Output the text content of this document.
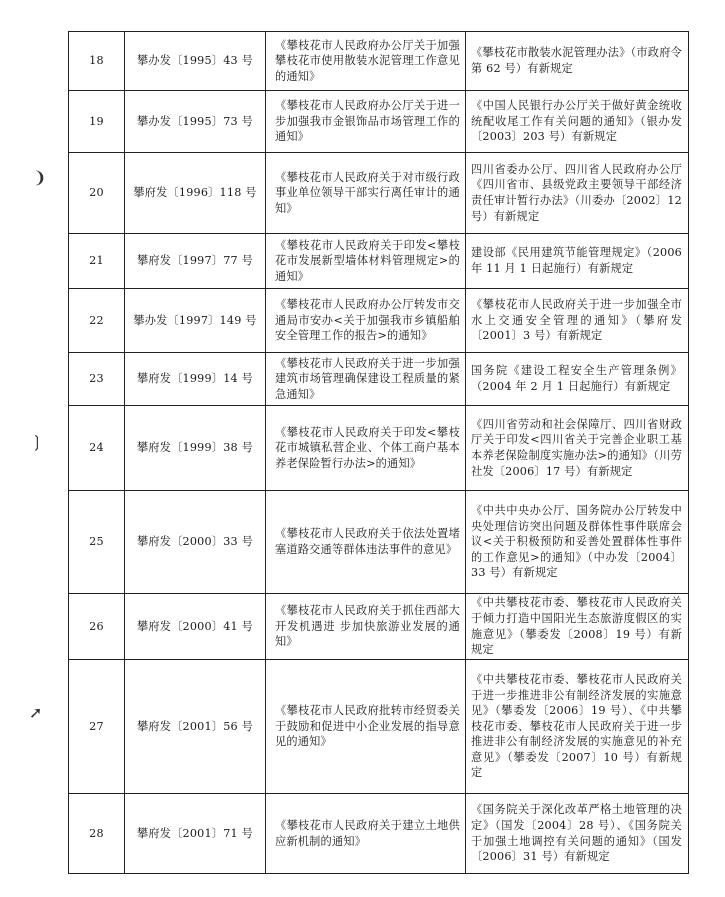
❩
❳
➚
18	攀办发〔1995〕43 号	《攀枝花市人民政府办公厅关于加强攀枝花市使用散装水泥管理工作意见的通知》	《攀枝花市散装水泥管理办法》（市政府令第 62 号）有新规定
19	攀办发〔1995〕73 号	《攀枝花市人民政府办公厅关于进一步加强我市金银饰品市场管理工作的通知》	《中国人民银行办公厅关于做好黄金统收统配收尾工作有关问题的通知》（银办发〔2003〕203 号）有新规定
20	攀府发〔1996〕118 号	《攀枝花市人民政府关于对市级行政事业单位领导干部实行离任审计的通知》	四川省委办公厅、四川省人民政府办公厅《四川省市、县级党政主要领导干部经济责任审计暂行办法》（川委办〔2002〕12 号）有新规定
21	攀府发〔1997〕77 号	《攀枝花市人民政府关于印发<攀枝花市发展新型墙体材料管理规定>的通知》	建设部《民用建筑节能管理规定》（2006 年 11 月 1 日起施行）有新规定
22	攀办发〔1997〕149 号	《攀枝花市人民政府办公厅转发市交通局市安办<关于加强我市乡镇船舶安全管理工作的报告>的通知》	《攀枝花市人民政府关于进一步加强全市水上交通安全管理的通知》（攀府发〔2001〕3 号）有新规定
23	攀府发〔1999〕14 号	《攀枝花市人民政府关于进一步加强建筑市场管理确保建设工程质量的紧急通知》	国务院《建设工程安全生产管理条例》（2004 年 2 月 1 日起施行）有新规定
24	攀府发〔1999〕38 号	《攀枝花市人民政府关于印发<攀枝花市城镇私营企业、个体工商户基本养老保险暂行办法>的通知》	《四川省劳动和社会保障厅、四川省财政厅关于印发<四川省关于完善企业职工基本养老保险制度实施办法>的通知》（川劳社发〔2006〕17 号）有新规定
25	攀府发〔2000〕33 号	《攀枝花市人民政府关于依法处置堵塞道路交通等群体违法事件的意见》	《中共中央办公厅、国务院办公厅转发中央处理信访突出问题及群体性事件联席会议<关于积极预防和妥善处置群体性事件的工作意见>的通知》（中办发〔2004〕33 号）有新规定
26	攀府发〔2000〕41 号	《攀枝花市人民政府关于抓住西部大开发机遇进 步加快旅游业发展的通知》	《中共攀枝花市委、攀枝花市人民政府关于倾力打造中国阳光生态旅游度假区的实施意见》（攀委发〔2008〕19 号）有新规定
27	攀府发〔2001〕56 号	《攀枝花市人民政府批转市经贸委关于鼓励和促进中小企业发展的指导意见的通知》	《中共攀枝花市委、攀枝花市人民政府关于进一步推进非公有制经济发展的实施意见》（攀委发〔2006〕19 号）、《中共攀枝花市委、攀枝花市人民政府关于进一步推进非公有制经济发展的实施意见的补充意见》（攀委发〔2007〕10 号）有新规定
28	攀府发〔2001〕71 号	《攀枝花市人民政府关于建立土地供应新机制的通知》	《国务院关于深化改革严格土地管理的决定》（国发〔2004〕28 号）、《国务院关于加强土地调控有关问题的通知》（国发〔2006〕31 号）有新规定
